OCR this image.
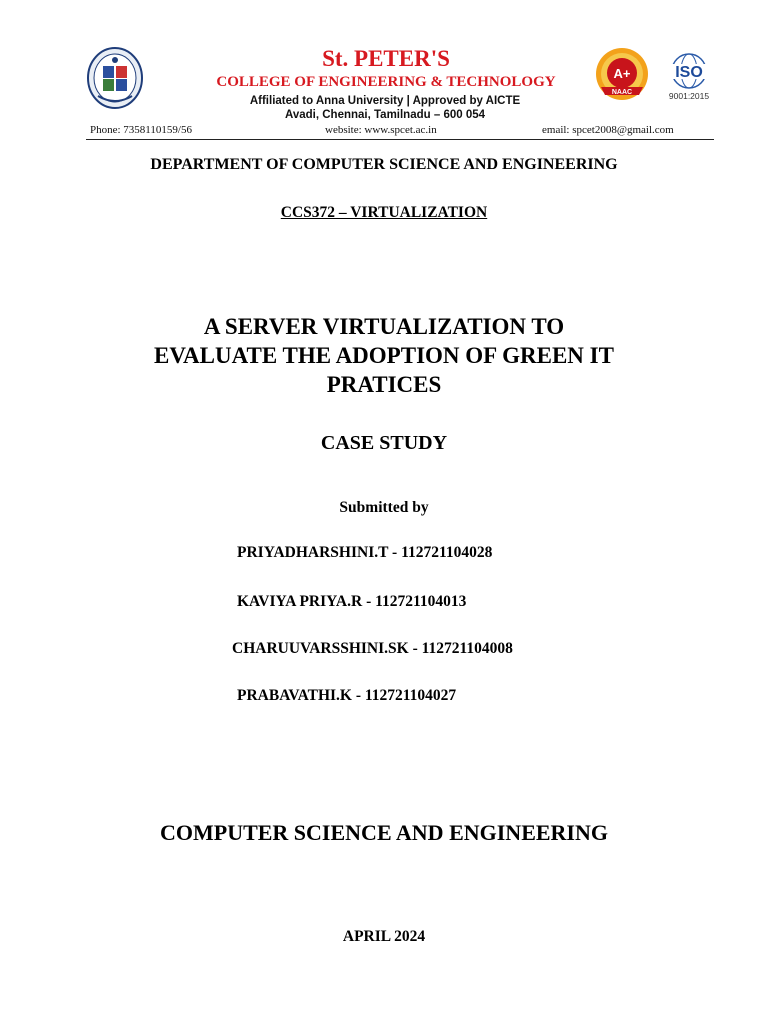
St. PETER'S
COLLEGE OF ENGINEERING & TECHNOLOGY
Affiliated to Anna University | Approved by AICTE
Avadi, Chennai, Tamilnadu – 600 054
A+
NAAC
ISO
9001:2015
Phone: 7358110159/56	website: www.spcet.ac.in	email: spcet2008@gmail.com
DEPARTMENT OF COMPUTER SCIENCE AND ENGINEERING
CCS372 – VIRTUALIZATION
A SERVER VIRTUALIZATION TO
EVALUATE THE ADOPTION OF GREEN IT
PRATICES
CASE STUDY
Submitted by
PRIYADHARSHINI.T - 112721104028
KAVIYA PRIYA.R - 112721104013
CHARUUVARSSHINI.SK - 112721104008
PRABAVATHI.K - 112721104027
COMPUTER SCIENCE AND ENGINEERING
APRIL 2024
